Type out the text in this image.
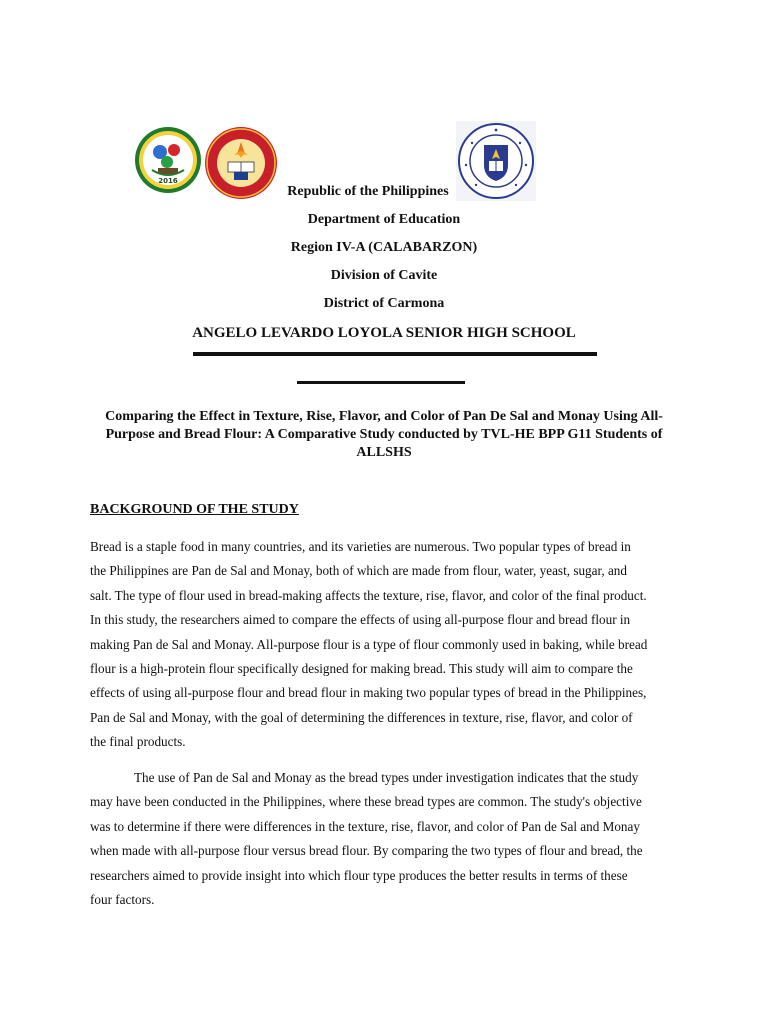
2016
Republic of the Philippines
Department of Education
Region IV-A (CALABARZON)
Division of Cavite
District of Carmona
ANGELO LEVARDO LOYOLA SENIOR HIGH SCHOOL
Comparing the Effect in Texture, Rise, Flavor, and Color of Pan De Sal and Monay Using All-
Purpose and Bread Flour: A Comparative Study conducted by TVL-HE BPP G11 Students of
ALLSHS
BACKGROUND OF THE STUDY
Bread is a staple food in many countries, and its varieties are numerous. Two popular types of bread in
the Philippines are Pan de Sal and Monay, both of which are made from flour, water, yeast, sugar, and
salt. The type of flour used in bread-making affects the texture, rise, flavor, and color of the final product.
In this study, the researchers aimed to compare the effects of using all-purpose flour and bread flour in
making Pan de Sal and Monay. All-purpose flour is a type of flour commonly used in baking, while bread
flour is a high-protein flour specifically designed for making bread. This study will aim to compare the
effects of using all-purpose flour and bread flour in making two popular types of bread in the Philippines,
Pan de Sal and Monay, with the goal of determining the differences in texture, rise, flavor, and color of
the final products.
The use of Pan de Sal and Monay as the bread types under investigation indicates that the study
may have been conducted in the Philippines, where these bread types are common. The study's objective
was to determine if there were differences in the texture, rise, flavor, and color of Pan de Sal and Monay
when made with all-purpose flour versus bread flour. By comparing the two types of flour and bread, the
researchers aimed to provide insight into which flour type produces the better results in terms of these
four factors.
